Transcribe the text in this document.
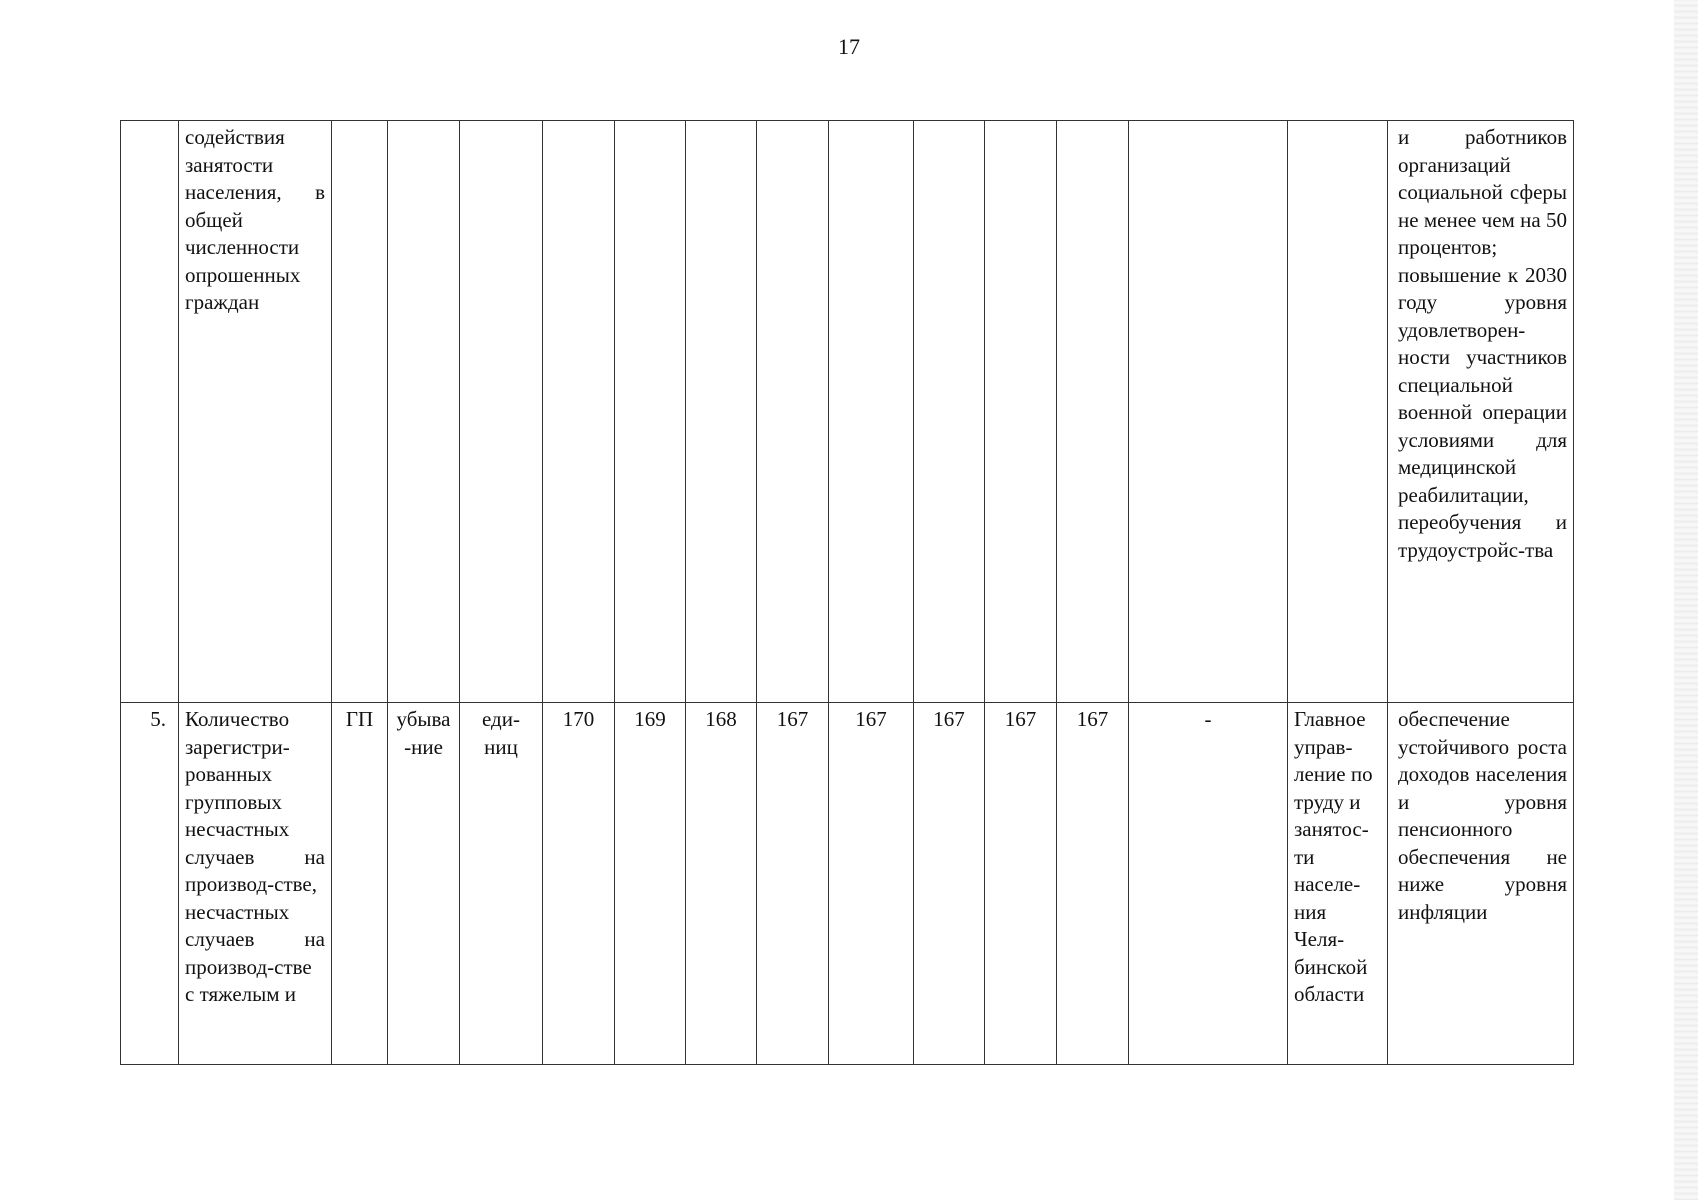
17
	содействия занятости населения, в общей численности опрошенных граждан														и работников организаций социальной сферы не менее чем на 50 процентов; повышение к 2030 году уровня удовлетворен-ности участников специальной военной операции условиями для медицинской реабилитации, переобучения и трудоустройс-тва
5.	Количество зарегистри-рованных групповых несчастных случаев на производ-стве, несчастных случаев на производ-стве с тяжелым и	ГП	убыва-ние	еди-ниц	170	169	168	167	167	167	167	167	-	Главное управ-ление по труду и занятос-ти населе-ния Челя-бинской области	обеспечение устойчивого роста доходов населения и уровня пенсионного обеспечения не ниже уровня инфляции
